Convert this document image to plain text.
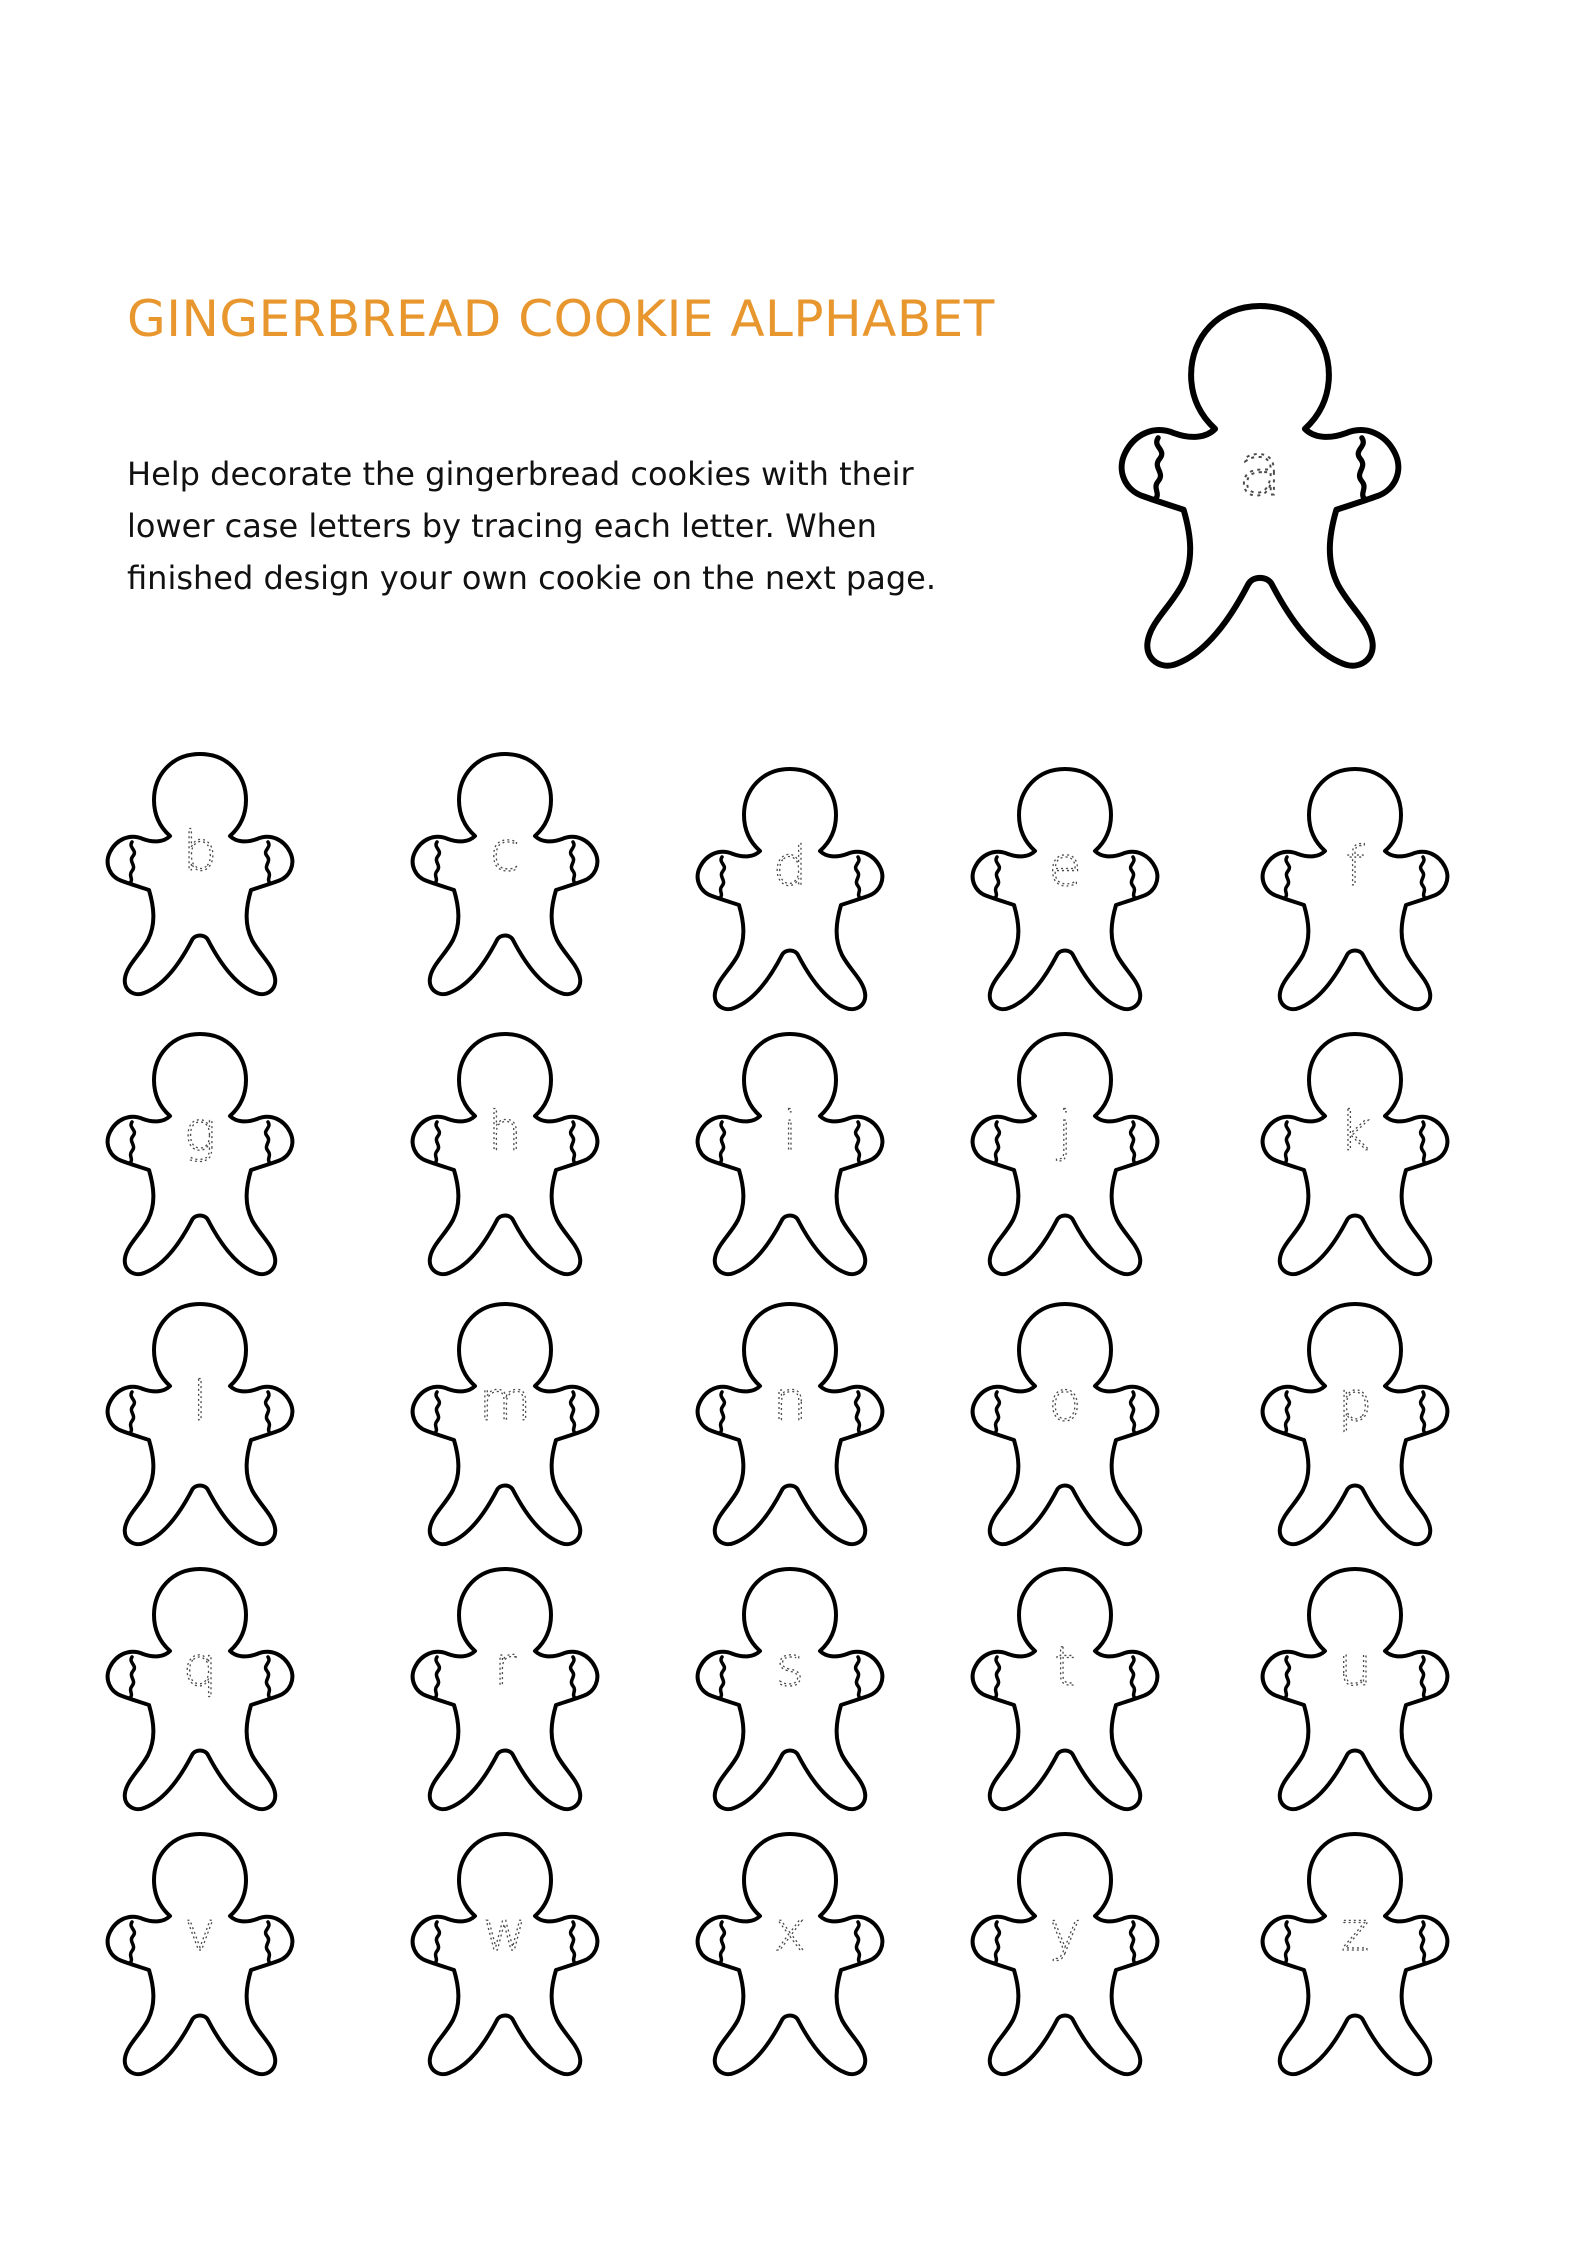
GINGERBREAD COOKIE ALPHABET

Help decorate the gingerbread cookies with their
lower case letters by tracing each letter. When
finished design your own cookie on the next page.

a
b	c	d	e	f
g	h	i	j	k
l	m	n	o	p
q	r	s	t	u
v	w	x	y	z
